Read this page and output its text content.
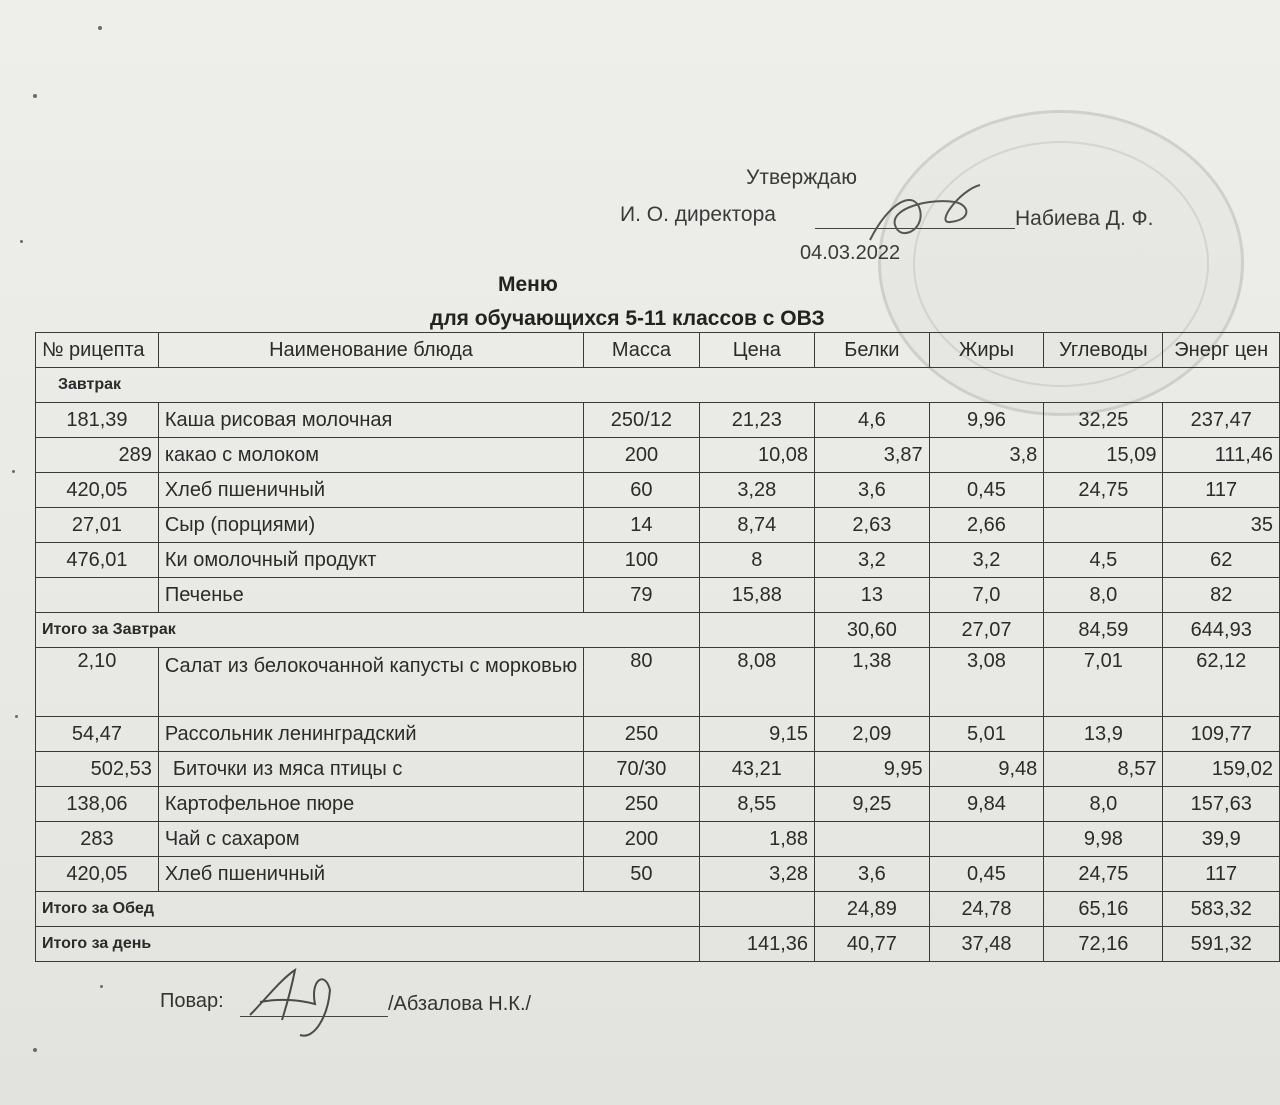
Утверждаю
И. О. директора	Набиева Д. Ф.
04.03.2022
Меню
для обучающихся 5-11 классов с ОВЗ
№ рицепта	Наименование блюда	Масса	Цена	Белки	Жиры	Углеводы	Энерг цен
Завтрак							
181,39	Каша рисовая молочная	250/12	21,23	4,6	9,96	32,25	237,47
289	какао с молоком	200	10,08	3,87	3,8	15,09	111,46
420,05	Хлеб пшеничный	60	3,28	3,6	0,45	24,75	117
27,01	Сыр (порциями)	14	8,74	2,63	2,66		35
476,01	Ки омолочный продукт	100	8	3,2	3,2	4,5	62
	Печенье	79	15,88	13	7,0	8,0	82
Итого за Завтрак				30,60	27,07	84,59	644,93
2,10	Салат из белокочанной капусты с морковью	80	8,08	1,38	3,08	7,01	62,12
54,47	Рассольник ленинградский	250	9,15	2,09	5,01	13,9	109,77
502,53	Биточки из мяса птицы с	70/30	43,21	9,95	9,48	8,57	159,02
138,06	Картофельное пюре	250	8,55	9,25	9,84	8,0	157,63
283	Чай с сахаром	200	1,88			9,98	39,9
420,05	Хлеб пшеничный	50	3,28	3,6	0,45	24,75	117
Итого за Обед				24,89	24,78	65,16	583,32
Итого за день			141,36	40,77	37,48	72,16	591,32
Повар:	/Абзалова Н.К./
